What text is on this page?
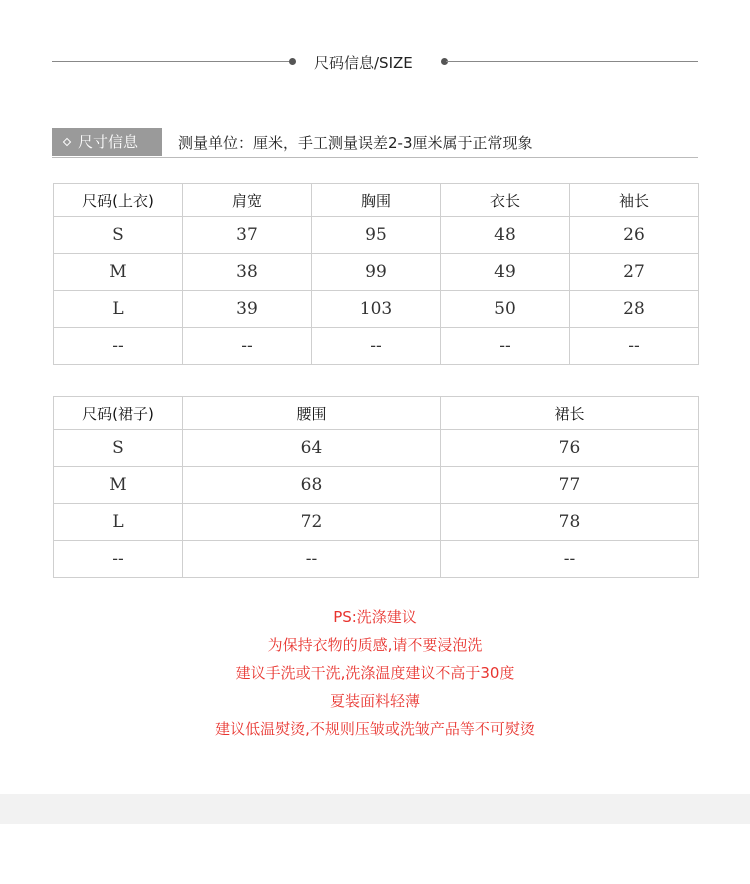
尺码信息/SIZE
尺寸信息	测量单位：厘米，手工测量误差2-3厘米属于正常现象
尺码(上衣)	肩宽	胸围	衣长	袖长
S	37	95	48	26
M	38	99	49	27
L	39	103	50	28
--	--	--	--	--
尺码(裙子)	腰围	裙长
S	64	76
M	68	77
L	72	78
--	--	--
PS:洗涤建议
为保持衣物的质感,请不要浸泡洗
建议手洗或干洗,洗涤温度建议不高于30度
夏装面料轻薄
建议低温熨烫,不规则压皱或洗皱产品等不可熨烫
